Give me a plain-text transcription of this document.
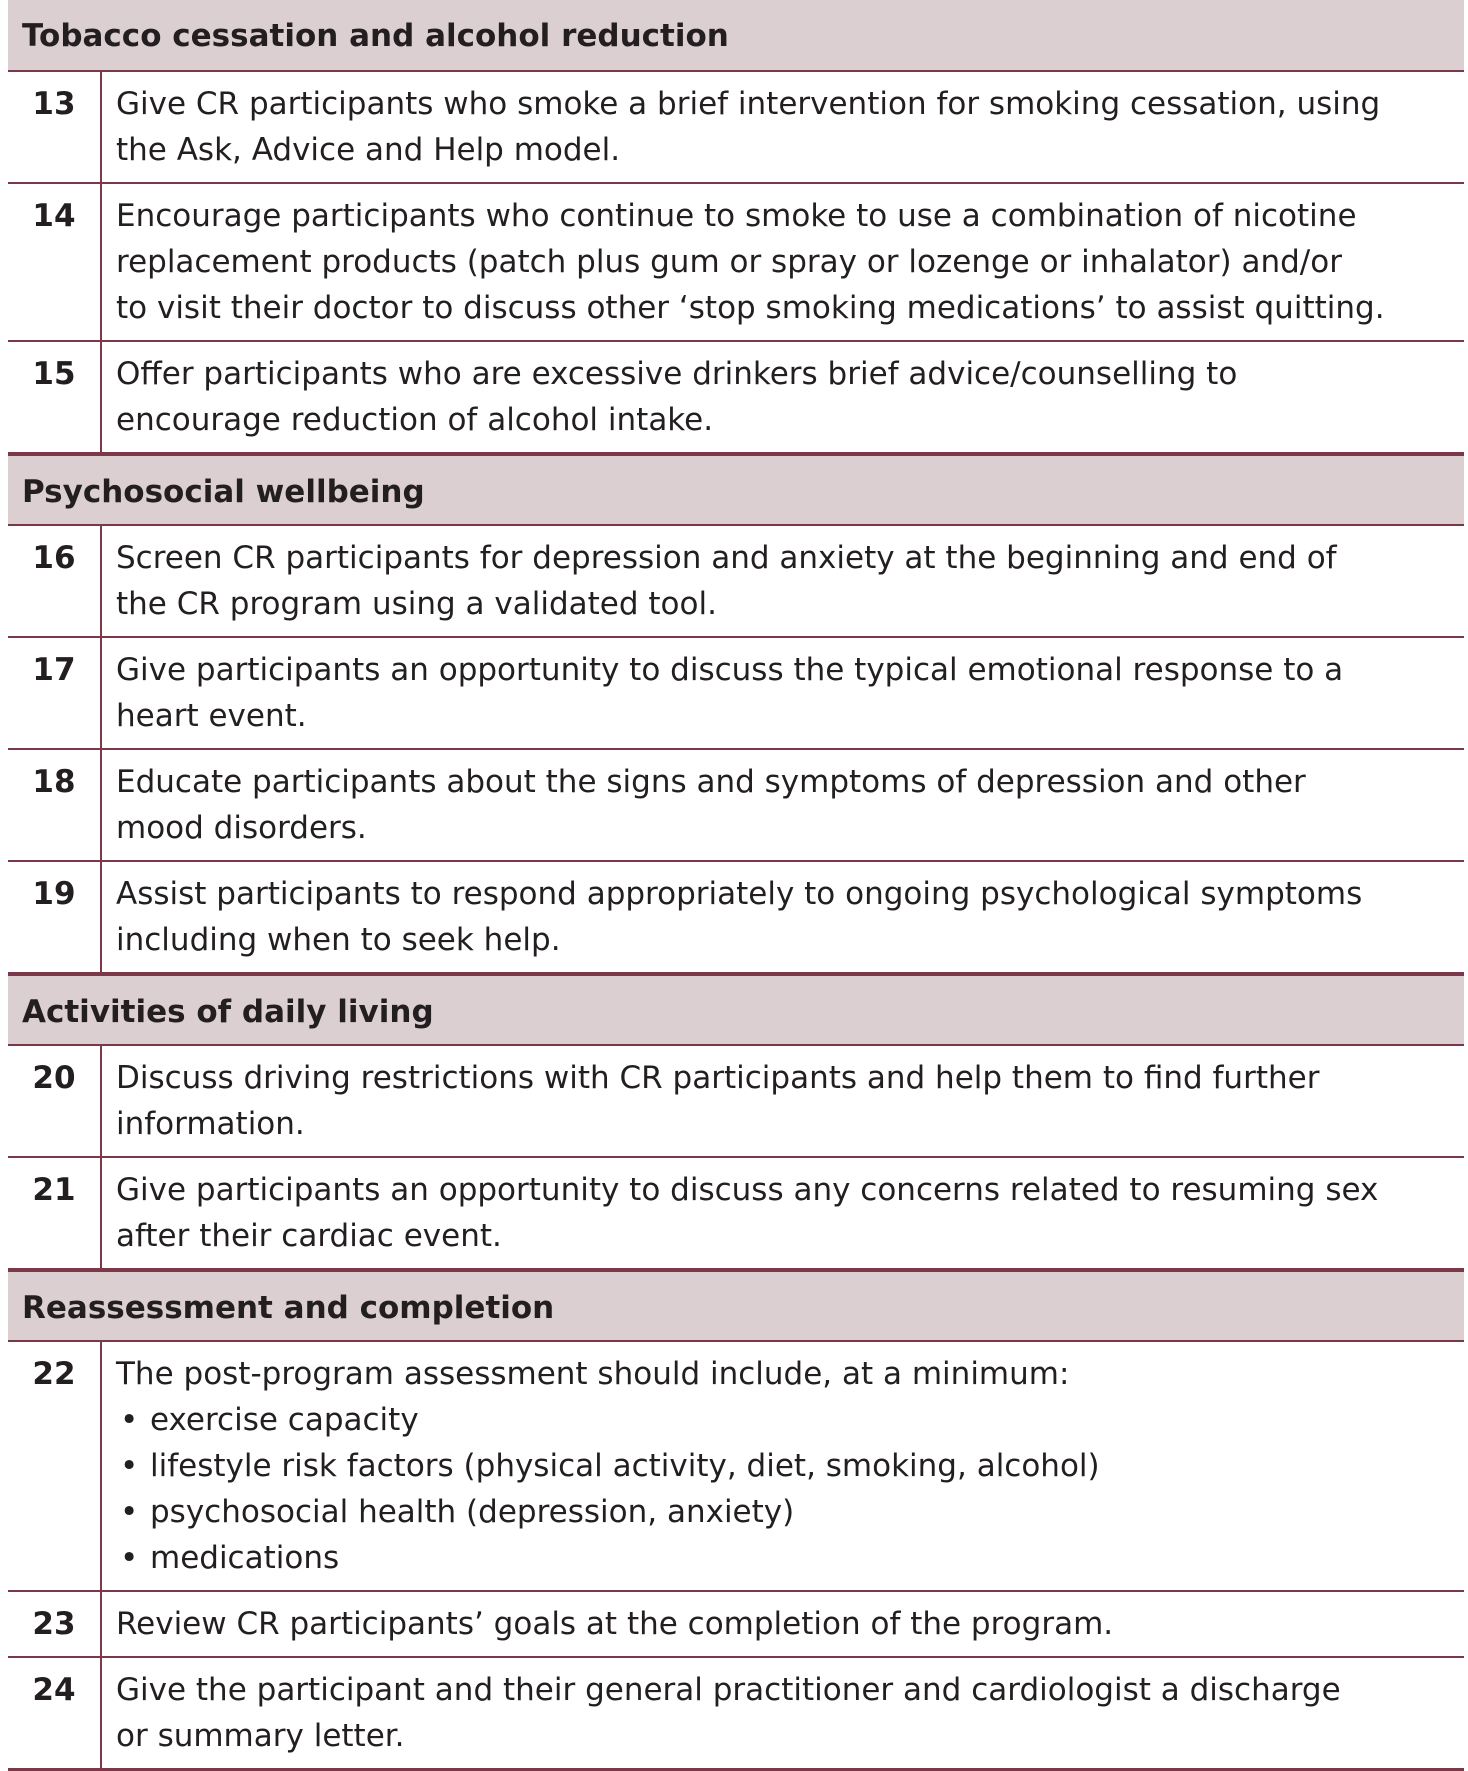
Tobacco cessation and alcohol reduction
13	Give CR participants who smoke a brief intervention for smoking cessation, using
the Ask, Advice and Help model.
14	Encourage participants who continue to smoke to use a combination of nicotine
replacement products (patch plus gum or spray or lozenge or inhalator) and/or
to visit their doctor to discuss other ‘stop smoking medications’ to assist quitting.
15	Offer participants who are excessive drinkers brief advice/counselling to
encourage reduction of alcohol intake.
Psychosocial wellbeing
16	Screen CR participants for depression and anxiety at the beginning and end of
the CR program using a validated tool.
17	Give participants an opportunity to discuss the typical emotional response to a
heart event.
18	Educate participants about the signs and symptoms of depression and other
mood disorders.
19	Assist participants to respond appropriately to ongoing psychological symptoms
including when to seek help.
Activities of daily living
20	Discuss driving restrictions with CR participants and help them to find further
information.
21	Give participants an opportunity to discuss any concerns related to resuming sex
after their cardiac event.
Reassessment and completion
22	The post-program assessment should include, at a minimum:
• exercise capacity
• lifestyle risk factors (physical activity, diet, smoking, alcohol)
• psychosocial health (depression, anxiety)
• medications
23	Review CR participants’ goals at the completion of the program.
24	Give the participant and their general practitioner and cardiologist a discharge
or summary letter.
